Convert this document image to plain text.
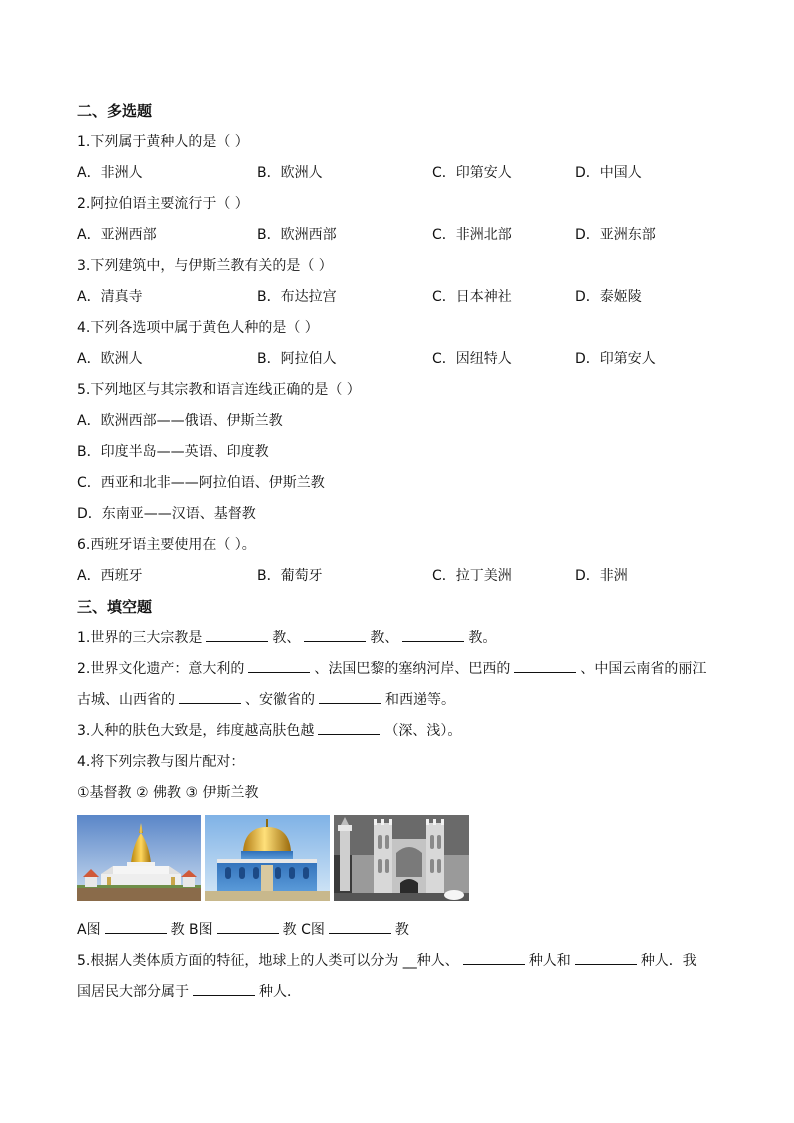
二、多选题
1.下列属于黄种人的是（ ）
A．非洲人	B．欧洲人	C．印第安人	D．中国人
2.阿拉伯语主要流行于（ ）
A．亚洲西部	B．欧洲西部	C．非洲北部	D．亚洲东部
3.下列建筑中，与伊斯兰教有关的是（ ）
A．清真寺	B．布达拉宫	C．日本神社	D．泰姬陵
4.下列各选项中属于黄色人种的是（ ）
A．欧洲人	B．阿拉伯人	C．因纽特人	D．印第安人
5.下列地区与其宗教和语言连线正确的是（ ）
A．欧洲西部——俄语、伊斯兰教
B．印度半岛——英语、印度教
C．西亚和北非——阿拉伯语、伊斯兰教
D．东南亚——汉语、基督教
6.西班牙语主要使用在（ ）。
A．西班牙	B．葡萄牙	C．拉丁美洲	D．非洲
三、填空题
1.世界的三大宗教是	教、	教、	教。
2.世界文化遗产：意大利的	、法国巴黎的塞纳河岸、巴西的	、中国云南省的丽江
古城、山西省的	、安徽省的	和西递等。
3.人种的肤色大致是，纬度越高肤色越	（深、浅）。
4.将下列宗教与图片配对：
①基督教 ② 佛教 ③ 伊斯兰教
A图	教 B图	教 C图	教
5.根据人类体质方面的特征，地球上的人类可以分为 __种人、	种人和	种人．我
国居民大部分属于	种人．
